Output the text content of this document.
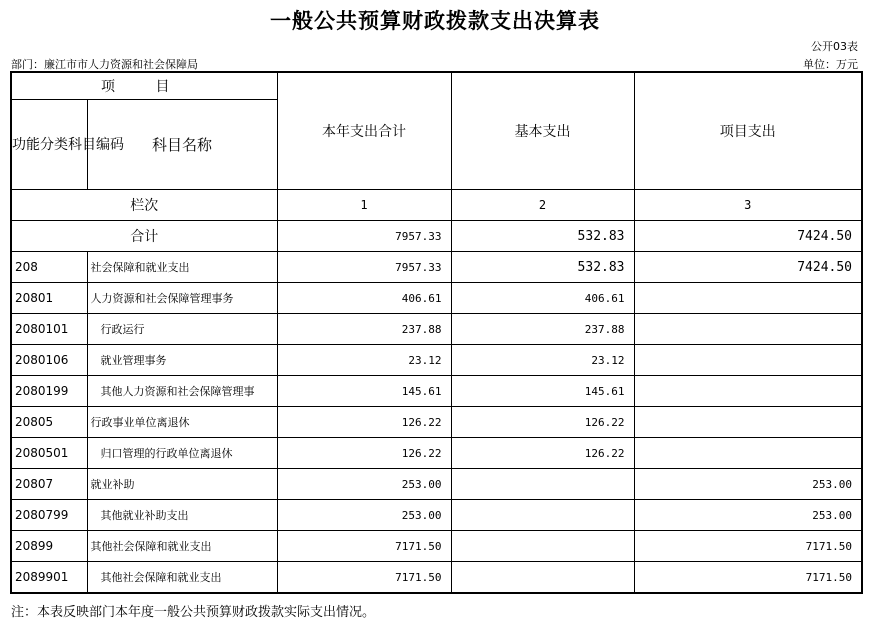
一般公共预算财政拨款支出决算表
公开03表
部门：廉江市市人力资源和社会保障局	单位：万元
项 目		本年支出合计	基本支出	项目支出
功能分类科目编码	科目名称			
栏次		1	2	3
合计		7957.33	532.83	7424.50
208	社会保障和就业支出	7957.33	532.83	7424.50
20801	人力资源和社会保障管理事务	406.61	406.61	
2080101	行政运行	237.88	237.88	
2080106	就业管理事务	23.12	23.12	
2080199	其他人力资源和社会保障管理事	145.61	145.61	
20805	行政事业单位离退休	126.22	126.22	
2080501	归口管理的行政单位离退休	126.22	126.22	
20807	就业补助	253.00		253.00
2080799	其他就业补助支出	253.00		253.00
20899	其他社会保障和就业支出	7171.50		7171.50
2089901	其他社会保障和就业支出	7171.50		7171.50
注：本表反映部门本年度一般公共预算财政拨款实际支出情况。
